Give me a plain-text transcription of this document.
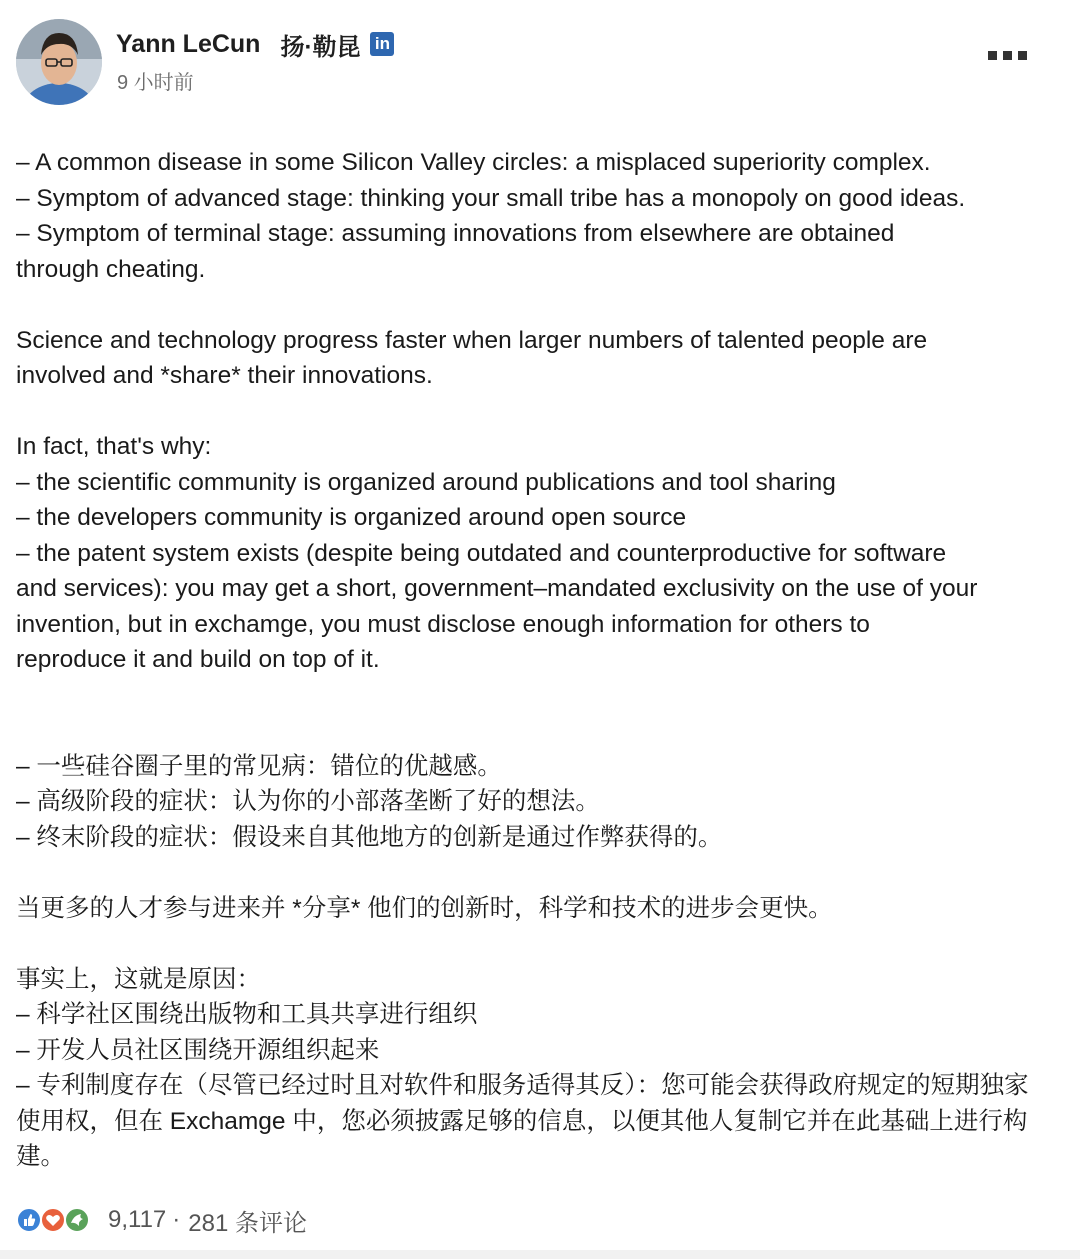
Yann LeCun 扬·勒昆 in
9 小时前

– A common disease in some Silicon Valley circles: a misplaced superiority complex.

– Symptom of advanced stage: thinking your small tribe has a monopoly on good ideas.

– Symptom of terminal stage: assuming innovations from elsewhere are obtained

through cheating.

Science and technology progress faster when larger numbers of talented people are

involved and *share* their innovations.

In fact, that's why:

– the scientific community is organized around publications and tool sharing

– the developers community is organized around open source

– the patent system exists (despite being outdated and counterproductive for software

and services): you may get a short, government–mandated exclusivity on the use of your

invention, but in exchamge, you must disclose enough information for others to

reproduce it and build on top of it.

– 一些硅谷圈子里的常见病：错位的优越感。

– 高级阶段的症状：认为你的小部落垄断了好的想法。

– 终末阶段的症状：假设来自其他地方的创新是通过作弊获得的。

当更多的人才参与进来并 *分享* 他们的创新时，科学和技术的进步会更快。

事实上，这就是原因：

– 科学社区围绕出版物和工具共享进行组织

– 开发人员社区围绕开源组织起来

– 专利制度存在（尽管已经过时且对软件和服务适得其反）：您可能会获得政府规定的短期独家

使用权，但在 Exchamge 中，您必须披露足够的信息，以便其他人复制它并在此基础上进行构

建。

9,117 · 281 条评论
